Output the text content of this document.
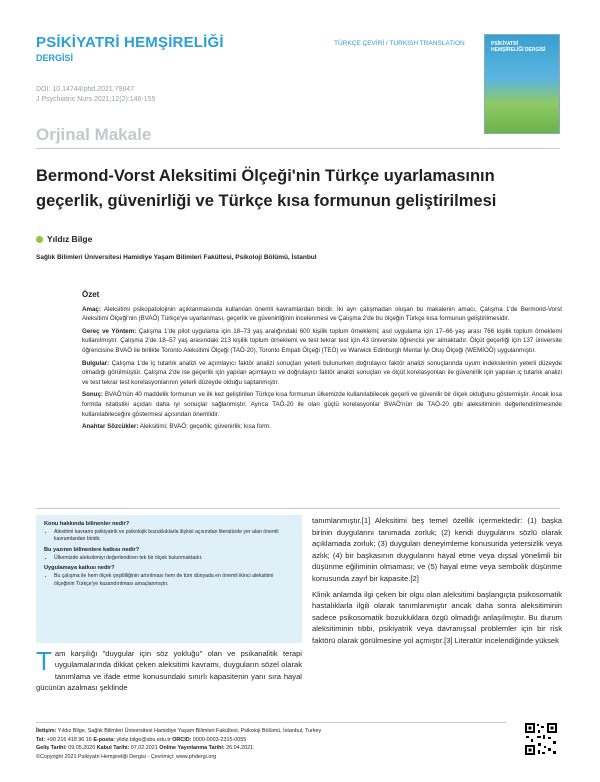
PSİKİYATRİ HEMŞİRELİĞİ
DERGİSİ
DOI: 10.14744/phd.2021.79847
J Psychiatric Nurs 2021;12(2):146-155
TÜRKÇE ÇEVİRİ / TURKISH TRANSLATION	PSİKİYATRİ HEMŞİRELİĞİ DERGİSİ
Orjinal Makale
Bermond-Vorst Aleksitimi Ölçeği'nin Türkçe uyarlamasının geçerlik, güvenirliği ve Türkçe kısa formunun geliştirilmesi
Yıldız Bilge
Sağlık Bilimleri Üniversitesi Hamidiye Yaşam Bilimleri Fakültesi, Psikoloji Bölümü, İstanbul
Özet

Amaç: Aleksitimi psikopatolojinin açıklanmasında kullanılan önemli kavramlardan biridir. İki ayrı çalışmadan oluşan bu makalenin amacı, Çalışma 1'de Bermond-Vorst Aleksitimi Ölçeği'nin (BVAÖ) Türkçe'ye uyarlanması, geçerlik ve güvenirliğinin incelenmesi ve Çalışma 2'de bu ölçeğin Türkçe kısa formunun geliştirilmesidir.

Gereç ve Yöntem: Çalışma 1'de pilot uygulama için 18–73 yaş aralığındaki 600 kişilik toplum örneklemi; asıl uygulama için 17–66 yaş arası 766 kişilik toplum örneklemi kullanılmıştır. Çalışma 2'de 18–57 yaş arasındaki 213 kişilik toplum örneklemi ve test tekrar test için 43 üniversite öğrencisi yer almaktadır. Ölçüt geçerliği için 137 üniversite öğrencisine BVAÖ ile birlikte Toronto Aleksitimi Ölçeği (TAÖ-20), Toronto Empati Ölçeği (TEÖ) ve Warwick Edinburgh Mental İyi Oluş Ölçeği (WEMİOÖ) uygulanmıştır.

Bulgular: Çalışma 1'de iç tutarlık analizi ve açımlayıcı faktör analizi sonuçları yeterli bulunurken doğrulayıcı faktör analizi sonuçlarında uyum indekslerinin yeterli düzeyde olmadığı görülmüştür. Çalışma 2'de ise geçerlik için yapılan açımlayıcı ve doğrulayıcı faktör analizi sonuçları ve ölçüt korelasyonları ile güvenirlik için yapılan iç tutarlık analizi ve test tekrar test korelasyonlarının yeterli düzeyde olduğu saptanmıştır.

Sonuç: BVAÖ'nün 40 maddelik formunun ve ilk kez geliştirilen Türkçe kısa formunun ülkemizde kullanılabilecek geçerli ve güvenilir bir ölçek olduğunu göstermiştir. Ancak kısa formda istatistiki açıdan daha iyi sonuçlar sağlanmıştır. Ayrıca TAÖ-20 ile olan güçlü korelasyonlar BVAÖ'nün de TAÖ-20 gibi aleksitiminin değerlendirilmesinde kullanılabileceğini göstermesi açısından önemlidir.

Anahtar Sözcükler: Aleksitimi; BVAÖ; geçerlik; güvenirlik; kısa form.

Konu hakkında bilinenler nedir?
• Alexitimi kavramı psikiyatrik ve psikolojik bozukluklarla ilişkisi açısından literatürde yer alan önemli kavramlardan biridir.
Bu yazının bilinenlere katkısı nedir?
• Ülkemizde aleksitimiyi değerlendiren tek bir ölçek bulunmaktadır.
Uygulamaya katkısı nedir?
• Bu çalışma ile hem ölçek çeşitliliğinin artırılması hem de tüm dünyada en önemli ikinci aleksitimi ölçeğinin Türkçe'ye kazandırılması amaçlanmıştır.
Tam karşılığı "duygular için söz yokluğu" olan ve psikanalitik terapi uygulamalarında dikkat çeken aleksitimi kavramı, duyguların sözel olarak tanımlama ve ifade etme konusundaki sınırlı kapasitenin yanı sıra hayal gücünün azalması şeklinde

tanımlanmıştır.[1] Aleksitimi beş temel özellik içermektedir: (1) başka birinin duygularını tanımada zorluk; (2) kendi duygularını sözlü olarak açıklamada zorluk; (3) duyguları deneyimleme konusunda yetersizlik veya azlık; (4) bir başkasının duygularını hayal etme veya dışsal yönelimli bir düşünme eğiliminin olmaması; ve (5) hayal etme veya sembolik düşünme konusunda zayıf bir kapasite.[2]

Klinik anlamda ilgi çeken bir olgu olan aleksitimi başlangıçta psikosomatik hastalıklarla ilgili olarak tanımlanmıştır ancak daha sonra aleksitiminin sadece psikosomatik bozukluklara özgü olmadığı anlaşılmıştır. Bu durum aleksitiminin tıbbi, psikiyatrik veya davranışsal problemler için bir risk faktörü olarak görülmesine yol açmıştır.[3] Literatür incelendiğinde yüksek

İletişim: Yıldız Bilge, Sağlık Bilimleri Üniversitesi Hamidiye Yaşam Bilimleri Fakültesi, Psikoloji Bölümü, İstanbul, Turkey
Tel: +90 216 418 96 16 E-posta: yildiz.bilge@sbu.edu.tr ORCID: 0000-0003-2315-0055
Geliş Tarihi: 09.05.2020 Kabul Tarihi: 07.02.2021 Online Yayınlanma Tarihi: 26.04.2021
©Copyright 2021 Psikiyatri Hemşireliği Dergisi - Çevrimiçi: www.phdergi.org
